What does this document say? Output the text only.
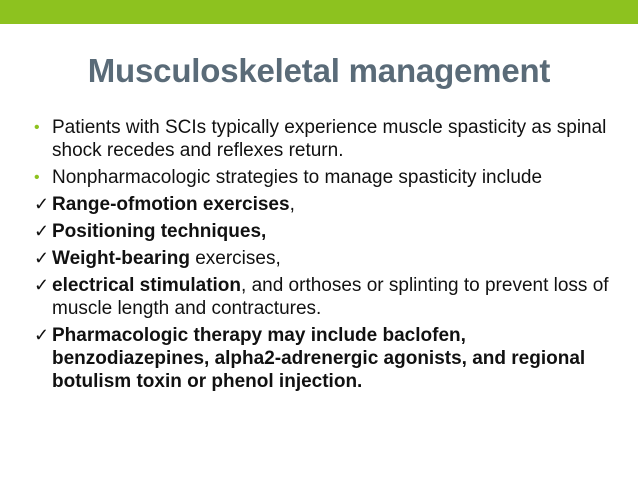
Musculoskeletal management
• Patients with SCIs typically experience muscle spasticity as spinal shock recedes and reflexes return.
• Nonpharmacologic strategies to manage spasticity include
✓ Range-ofmotion exercises,
✓ Positioning techniques,
✓ Weight-bearing exercises,
✓ electrical stimulation, and orthoses or splinting to prevent loss of muscle length and contractures.
✓ Pharmacologic therapy may include baclofen, benzodiazepines, alpha2-adrenergic agonists, and regional botulism toxin or phenol injection.
